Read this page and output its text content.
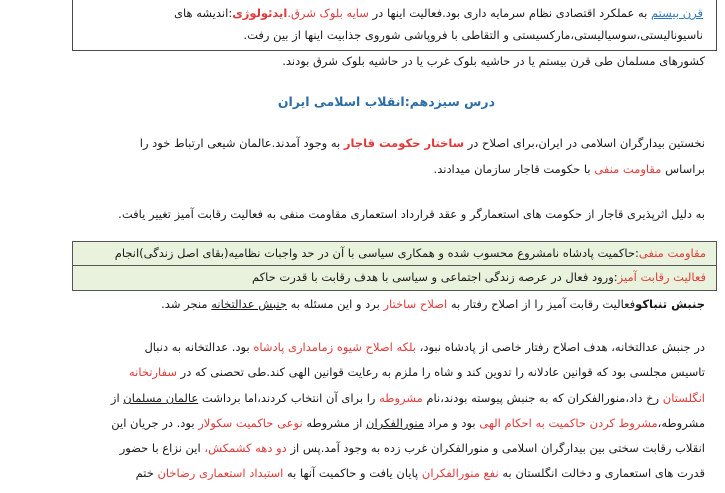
قرن بیستم به عملکرد اقتصادی نظام سرمایه داری بود.فعالیت اینها در سایه بلوک شرق.ایدئولوژی:اندیشه های
ناسیونالیستی،سوسیالیستی،مارکسیستی و التقاطی با فروپاشی شوروی جذابیت اینها از بین رفت.
کشورهای مسلمان طی قرن بیستم یا در حاشیه بلوک غرب یا در حاشیه بلوک شرق بودند.
درس سیزدهم:انقلاب اسلامی ایران
نخستین بیدارگران اسلامی در ایران،برای اصلاح در ساختار حکومت قاجار به وجود آمدند.عالمان شیعی ارتباط خود را
براساس مقاومت منفی با حکومت قاجار سازمان میدادند.
به دلیل اثرپذیری قاجار از حکومت های استعمارگر و عقد قرارداد استعماری مقاومت منفی به فعالیت رقابت آمیز تغییر یافت.
مقاومت منفی:حاکمیت پادشاه نامشروع محسوب شده و همکاری سیاسی با آن در حد واجبات نظامیه(بقای اصل زندگی)انجام
فعالیت رقابت آمیز:ورود فعال در عرصه زندگی اجتماعی و سیاسی با هدف رقابت با قدرت حاکم
جنبش تنباکوفعالیت رقابت آمیز را از اصلاح رفتار به اصلاح ساختار برد و این مسئله به جنبش عدالتخانه منجر شد.
در جنبش عدالتخانه، هدف اصلاح رفتار خاصی از پادشاه نبود، بلکه اصلاح شیوه زمامداری پادشاه بود. عدالتخانه به دنبال
تاسیس مجلسی بود که قوانین عادلانه را تدوین کند و شاه را ملزم به رعایت قوانین الهی کند.طی تحصنی که در سفارتخانه
انگلستان رخ داد،منورالفکران که به جنبش پیوسته بودند،نام مشروطه را برای آن انتخاب کردند،اما برداشت عالمان مسلمان از
مشروطه،مشروط کردن حاکمیت به احکام الهی بود و مراد منورالفکران از مشروطه نوعی حاکمیت سکولار بود. در جریان این
انقلاب رقابت سختی بین بیدارگران اسلامی و منورالفکران غرب زده به وجود آمد.پس از دو دهه کشمکش، این نزاع با حضور
قدرت های استعماری و دخالت انگلستان به نفع منورالفکران پایان یافت و حاکمیت آنها به استبداد استعماری رضاخان ختم
